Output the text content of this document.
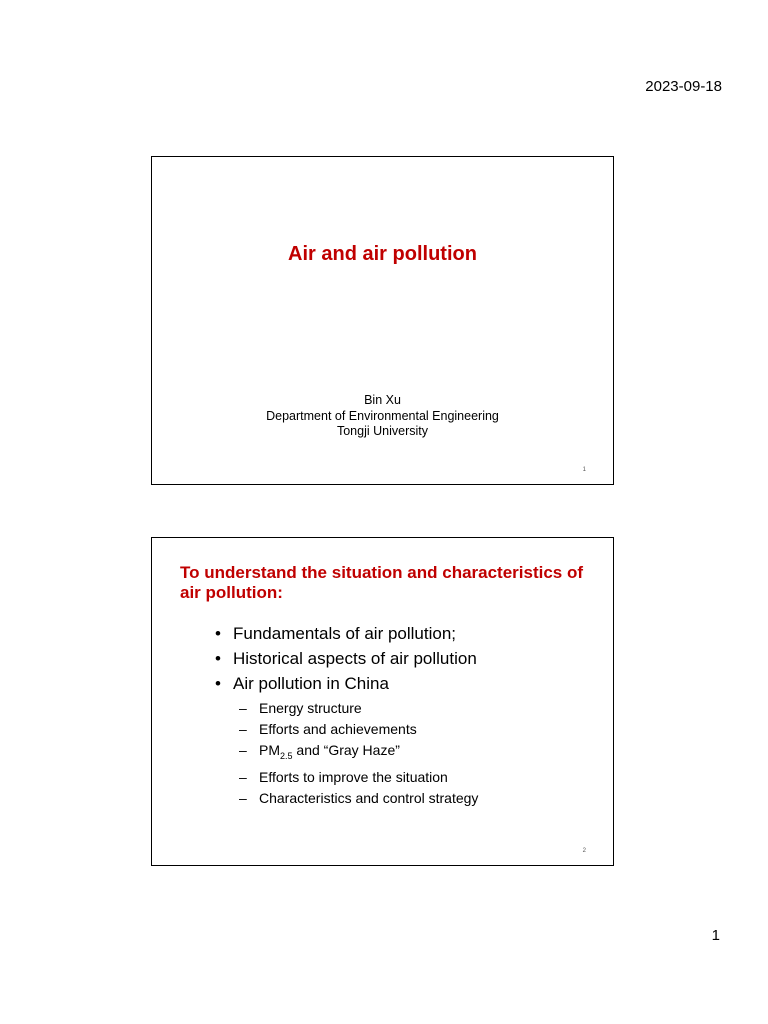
2023-09-18
Air and air pollution
Bin Xu
Department of Environmental Engineering
Tongji University
1
To understand the situation and characteristics of air pollution:
• Fundamentals of air pollution;
• Historical aspects of air pollution
• Air pollution in China
– Energy structure
– Efforts and achievements
– $PM_{2.5}$ and “Gray Haze”
– Efforts to improve the situation
– Characteristics and control strategy
2
1
